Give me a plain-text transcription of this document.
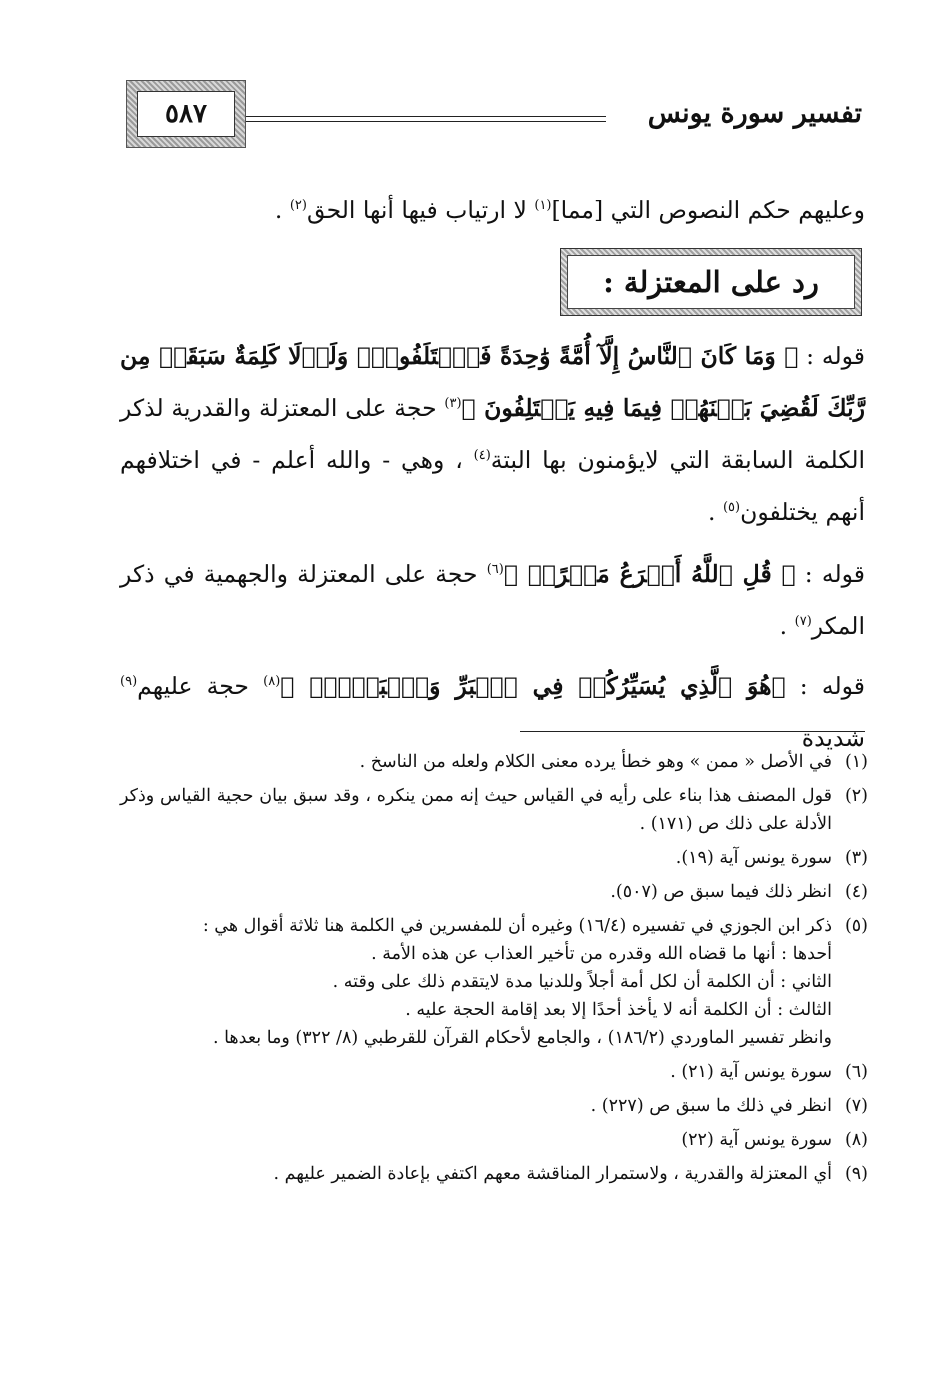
٥٨٧	تفسير سورة يونس
وعليهم حكم النصوص التي [مما]$^{(١)}$ لا ارتياب فيها أنها الحق$^{(٢)}$ .
رد على المعتزلة :
قوله : ﴿ وَمَا كَانَ ٱلنَّاسُ إِلَّآ أُمَّةً وَٰحِدَةً فَٱخۡتَلَفُواْۚ وَلَوۡلَا كَلِمَةٌ سَبَقَتۡ مِن رَّبِّكَ لَقُضِيَ بَيۡنَهُمۡ فِيمَا فِيهِ يَخۡتَلِفُونَ ﴾$^{(٣)}$ حجة على المعتزلة والقدرية لذكر الكلمة السابقة التي لايؤمنون بها البتة$^{(٤)}$ ، وهي - والله أعلم - في اختلافهم أنهم يختلفون$^{(٥)}$ .
قوله : ﴿ قُلِ ٱللَّهُ أَسۡرَعُ مَكۡرًاۚ ﴾$^{(٦)}$ حجة على المعتزلة والجهمية في ذكر المكر$^{(٧)}$ .
قوله : ﴿هُوَ ٱلَّذِي يُسَيِّرُكُمۡ فِي ٱلۡبَرِّ وَٱلۡبَحۡرِۖ ﴾$^{(٨)}$ حجة عليهم$^{(٩)}$ شديدة
(١)
في الأصل « ممن » وهو خطأ يرده معنى الكلام ولعله من الناسخ .
(٢)
قول المصنف هذا بناء على رأيه في القياس حيث إنه ممن ينكره ، وقد سبق بيان حجية القياس وذكر الأدلة على ذلك ص (١٧١) .
(٣)
سورة يونس آية (١٩).
(٤)
انظر ذلك فيما سبق ص (٥٠٧).
(٥)
ذكر ابن الجوزي في تفسيره (١٦/٤) وغيره أن للمفسرين في الكلمة هنا ثلاثة أقوال هي :
أحدها : أنها ما قضاه الله وقدره من تأخير العذاب عن هذه الأمة .
الثاني : أن الكلمة أن لكل أمة أجلاً وللدنيا مدة لايتقدم ذلك على وقته .
الثالث : أن الكلمة أنه لا يأخذ أحدًا إلا بعد إقامة الحجة عليه .
وانظر تفسير الماوردي (١٨٦/٢) ، والجامع لأحكام القرآن للقرطبي (٨/ ٣٢٢) وما بعدها .
(٦)
سورة يونس آية (٢١) .
(٧)
انظر في ذلك ما سبق ص (٢٢٧) .
(٨)
سورة يونس آية (٢٢)
(٩)
أي المعتزلة والقدرية ، ولاستمرار المناقشة معهم اكتفي بإعادة الضمير عليهم .
